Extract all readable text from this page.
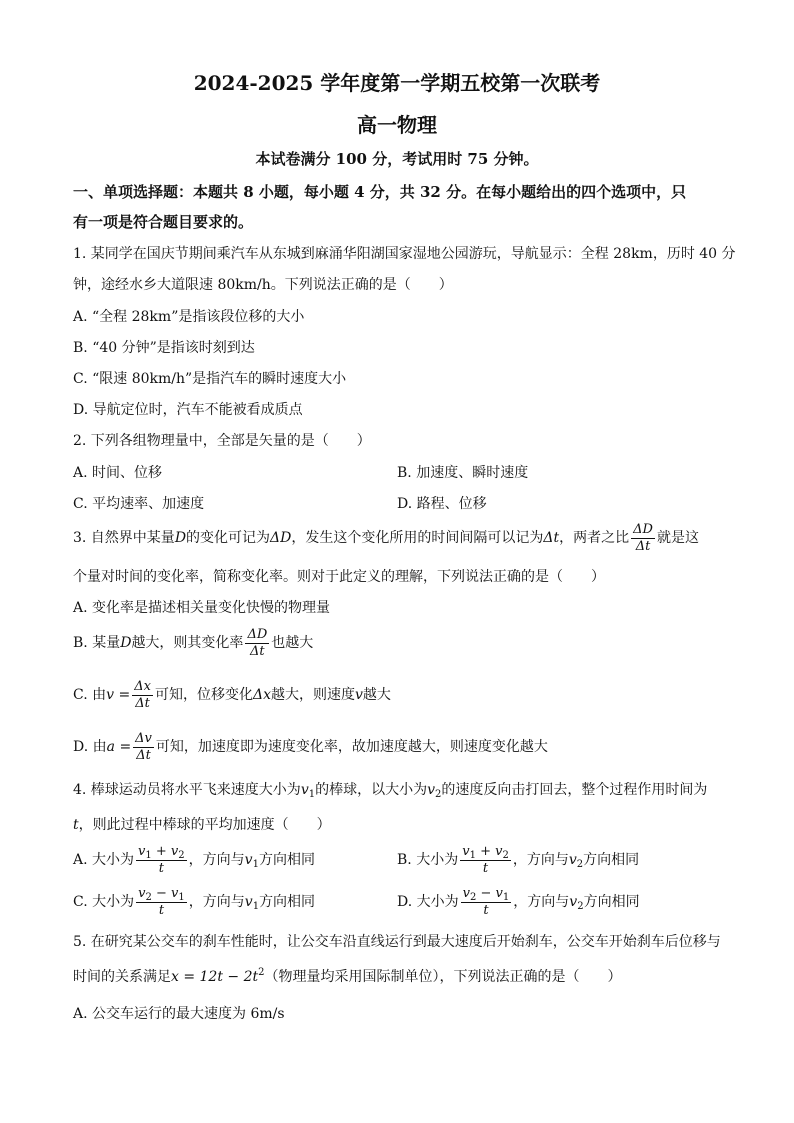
2024-2025 学年度第一学期五校第一次联考
高一物理
本试卷满分 100 分，考试用时 75 分钟。
一、单项选择题：本题共 8 小题，每小题 4 分，共 32 分。在每小题给出的四个选项中，只
有一项是符合题目要求的。
1. 某同学在国庆节期间乘汽车从东城到麻涌华阳湖国家湿地公园游玩，导航显示：全程 28km，历时 40 分
钟，途经水乡大道限速 80km/h。下列说法正确的是（　　）
A. “全程 28km”是指该段位移的大小
B. “40 分钟”是指该时刻到达
C. “限速 80km/h”是指汽车的瞬时速度大小
D. 导航定位时，汽车不能被看成质点
2. 下列各组物理量中，全部是矢量的是（　　）
A. 时间、位移	B. 加速度、瞬时速度
C. 平均速率、加速度	D. 路程、位移
3. 自然界中某量D的变化可记为ΔD，发生这个变化所用的时间间隔可以记为Δt，两者之比 $\frac{\Delta D}{\Delta t}$ 就是这
个量对时间的变化率，简称变化率。则对于此定义的理解，下列说法正确的是（　　）
A. 变化率是描述相关量变化快慢的物理量
B. 某量D越大，则其变化率 $\frac{\Delta D}{\Delta t}$ 也越大
C. 由$v = \frac{\Delta x}{\Delta t}$ 可知，位移变化Δx越大，则速度v越大
D. 由$a = \frac{\Delta v}{\Delta t}$ 可知，加速度即为速度变化率，故加速度越大，则速度变化越大
4. 棒球运动员将水平飞来速度大小为$v_1$的棒球，以大小为$v_2$的速度反向击打回去，整个过程作用时间为
t，则此过程中棒球的平均加速度（　　）
A. 大小为 $\frac{v_1 + v_2}{t}$ ，方向与$v_1$方向相同	B. 大小为 $\frac{v_1 + v_2}{t}$ ，方向与$v_2$方向相同
C. 大小为 $\frac{v_2 - v_1}{t}$ ，方向与$v_1$方向相同	D. 大小为 $\frac{v_2 - v_1}{t}$ ，方向与$v_2$方向相同
5. 在研究某公交车的刹车性能时，让公交车沿直线运行到最大速度后开始刹车，公交车开始刹车后位移与
时间的关系满足$x = 12t - 2t^2$（物理量均采用国际制单位），下列说法正确的是（　　）
A. 公交车运行的最大速度为 6m/s
